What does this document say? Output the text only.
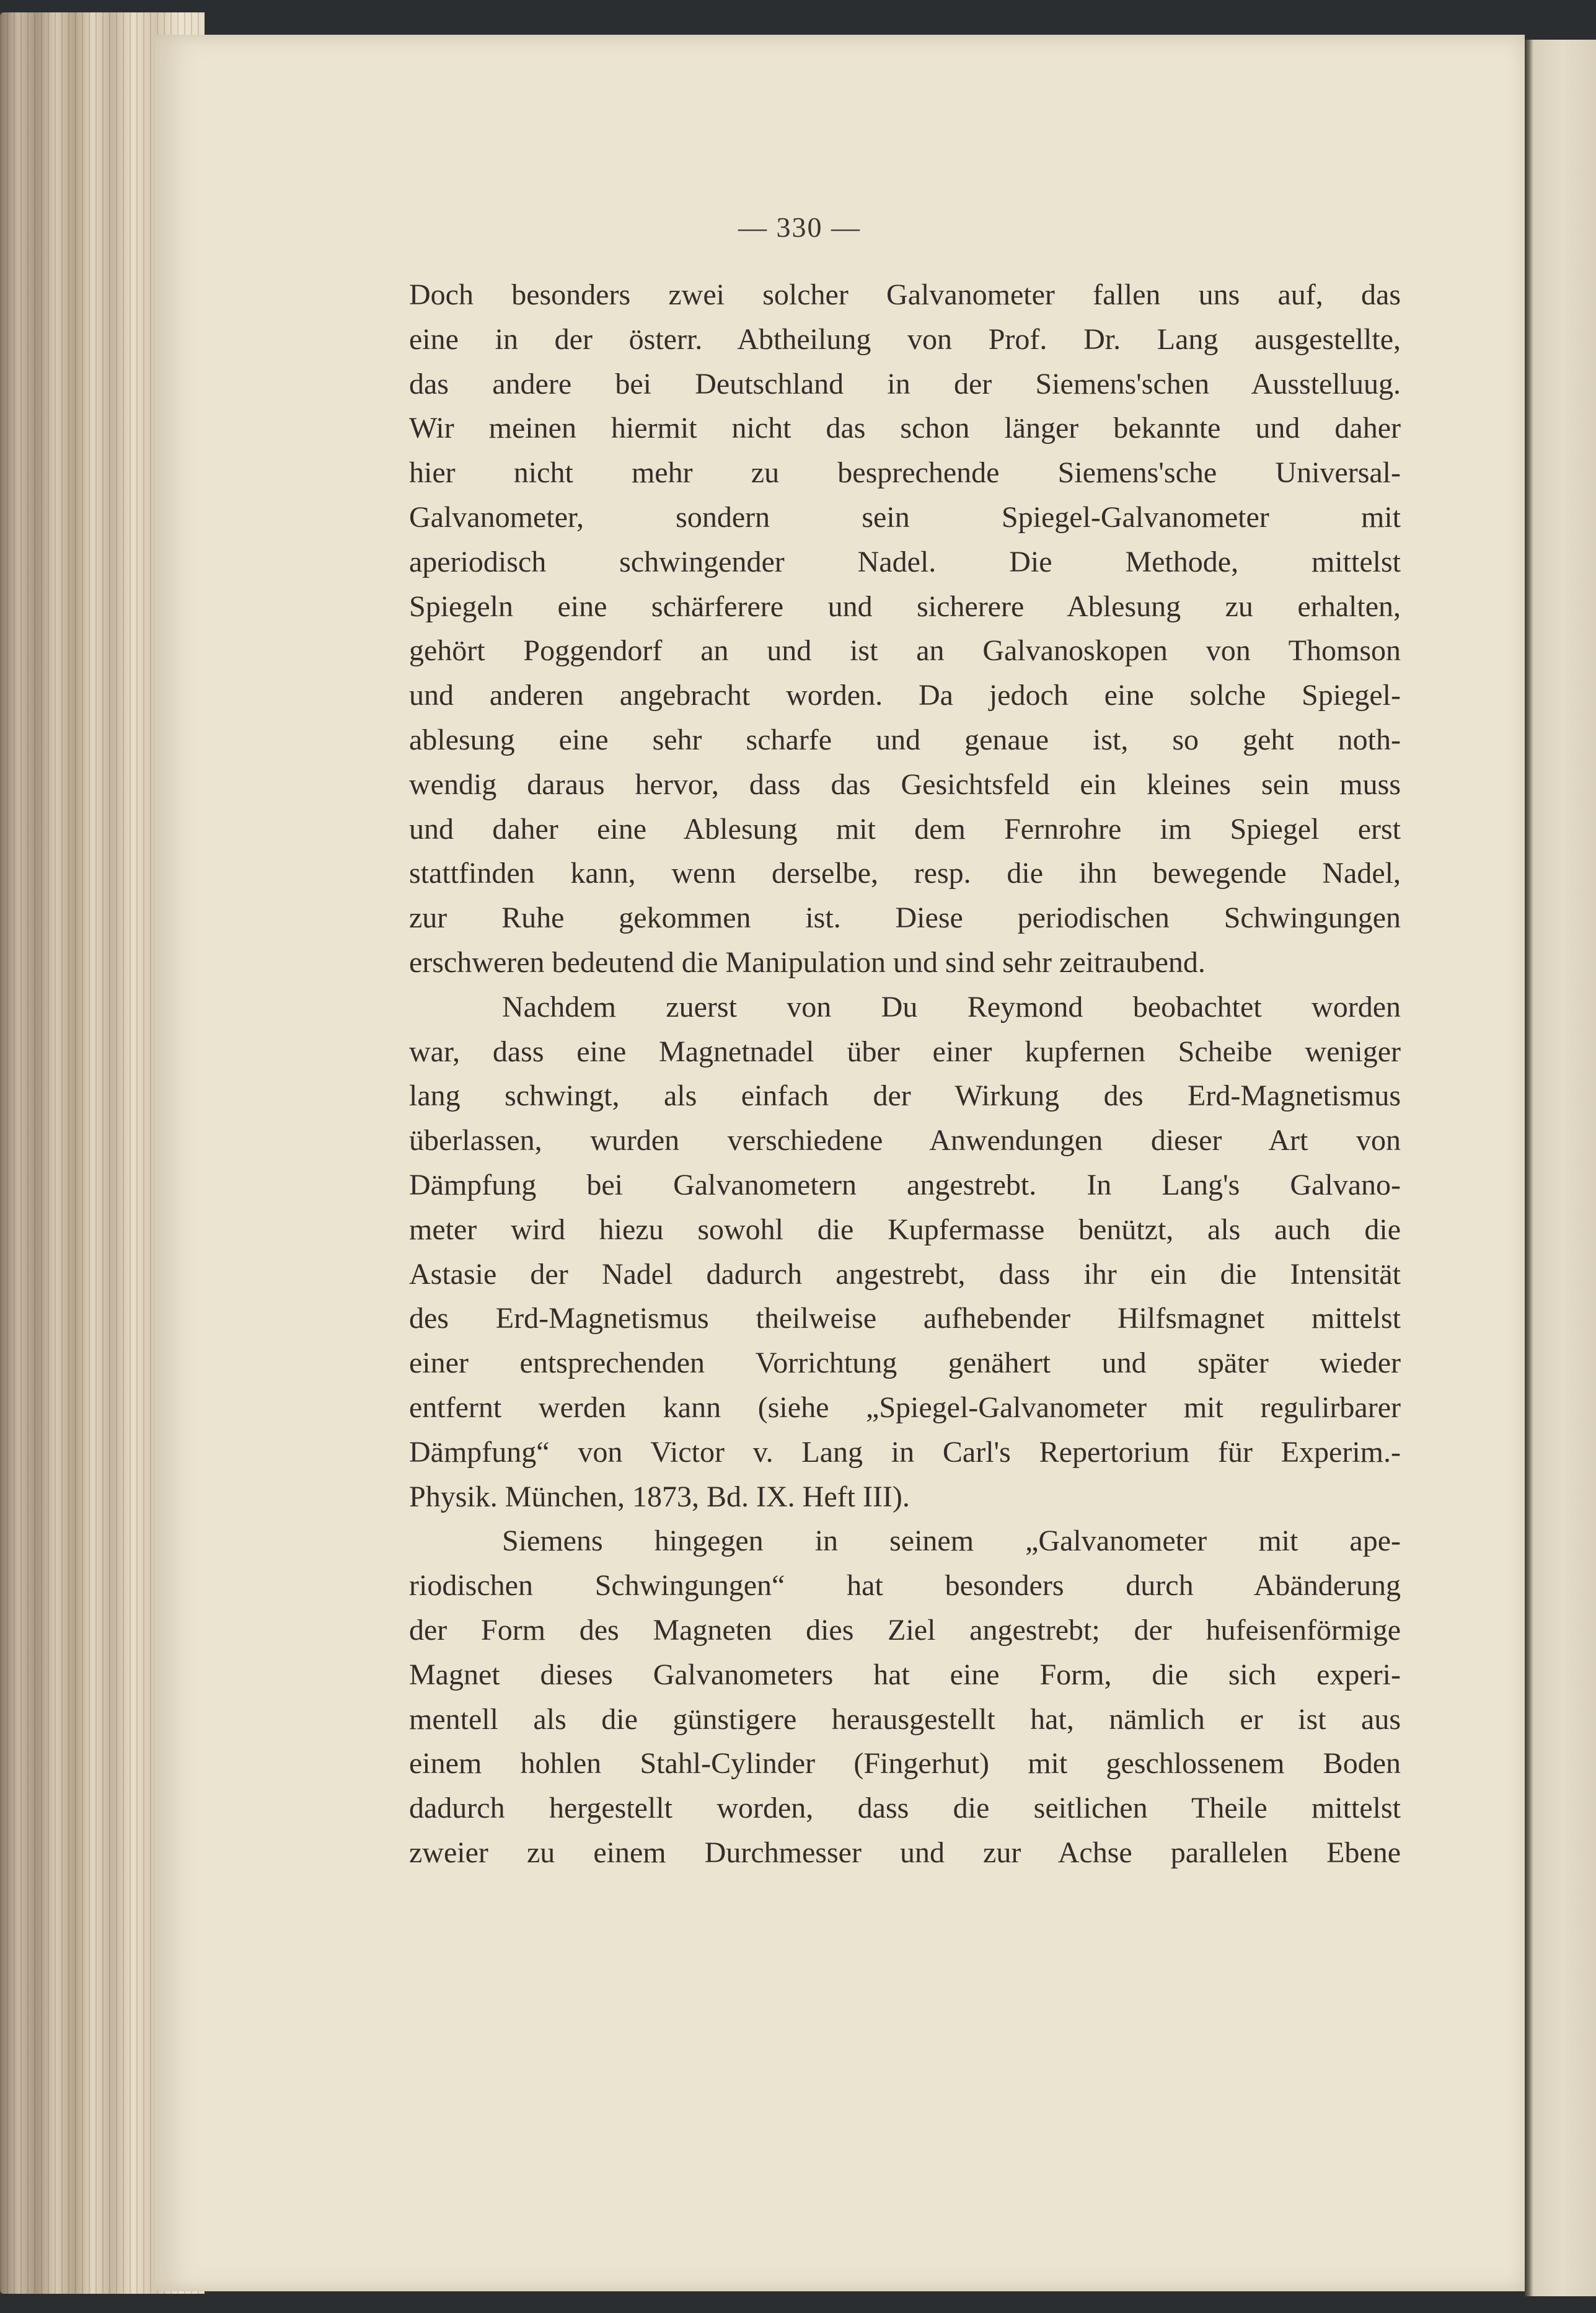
— 330 —
Doch besonders zwei solcher Galvanometer fallen uns auf, das
eine in der österr. Abtheilung von Prof. Dr. Lang ausgestellte,
das andere bei Deutschland in der Siemens'schen Ausstelluug.
Wir meinen hiermit nicht das schon länger bekannte und daher
hier nicht mehr zu besprechende Siemens'sche Universal-
Galvanometer, sondern sein Spiegel-Galvanometer mit
aperiodisch schwingender Nadel. Die Methode, mittelst
Spiegeln eine schärferere und sicherere Ablesung zu erhalten,
gehört Poggendorf an und ist an Galvanoskopen von Thomson
und anderen angebracht worden. Da jedoch eine solche Spiegel-
ablesung eine sehr scharfe und genaue ist, so geht noth-
wendig daraus hervor, dass das Gesichtsfeld ein kleines sein muss
und daher eine Ablesung mit dem Fernrohre im Spiegel erst
stattfinden kann, wenn derselbe, resp. die ihn bewegende Nadel,
zur Ruhe gekommen ist. Diese periodischen Schwingungen
erschweren bedeutend die Manipulation und sind sehr zeitraubend.
Nachdem zuerst von Du Reymond beobachtet worden
war, dass eine Magnetnadel über einer kupfernen Scheibe weniger
lang schwingt, als einfach der Wirkung des Erd-Magnetismus
überlassen, wurden verschiedene Anwendungen dieser Art von
Dämpfung bei Galvanometern angestrebt. In Lang's Galvano-
meter wird hiezu sowohl die Kupfermasse benützt, als auch die
Astasie der Nadel dadurch angestrebt, dass ihr ein die Intensität
des Erd-Magnetismus theilweise aufhebender Hilfsmagnet mittelst
einer entsprechenden Vorrichtung genähert und später wieder
entfernt werden kann (siehe „Spiegel-Galvanometer mit regulirbarer
Dämpfung“ von Victor v. Lang in Carl's Repertorium für Experim.-
Physik. München, 1873, Bd. IX. Heft III).
Siemens hingegen in seinem „Galvanometer mit ape-
riodischen Schwingungen“ hat besonders durch Abänderung
der Form des Magneten dies Ziel angestrebt; der hufeisenförmige
Magnet dieses Galvanometers hat eine Form, die sich experi-
mentell als die günstigere herausgestellt hat, nämlich er ist aus
einem hohlen Stahl-Cylinder (Fingerhut) mit geschlossenem Boden
dadurch hergestellt worden, dass die seitlichen Theile mittelst
zweier zu einem Durchmesser und zur Achse parallelen Ebene
